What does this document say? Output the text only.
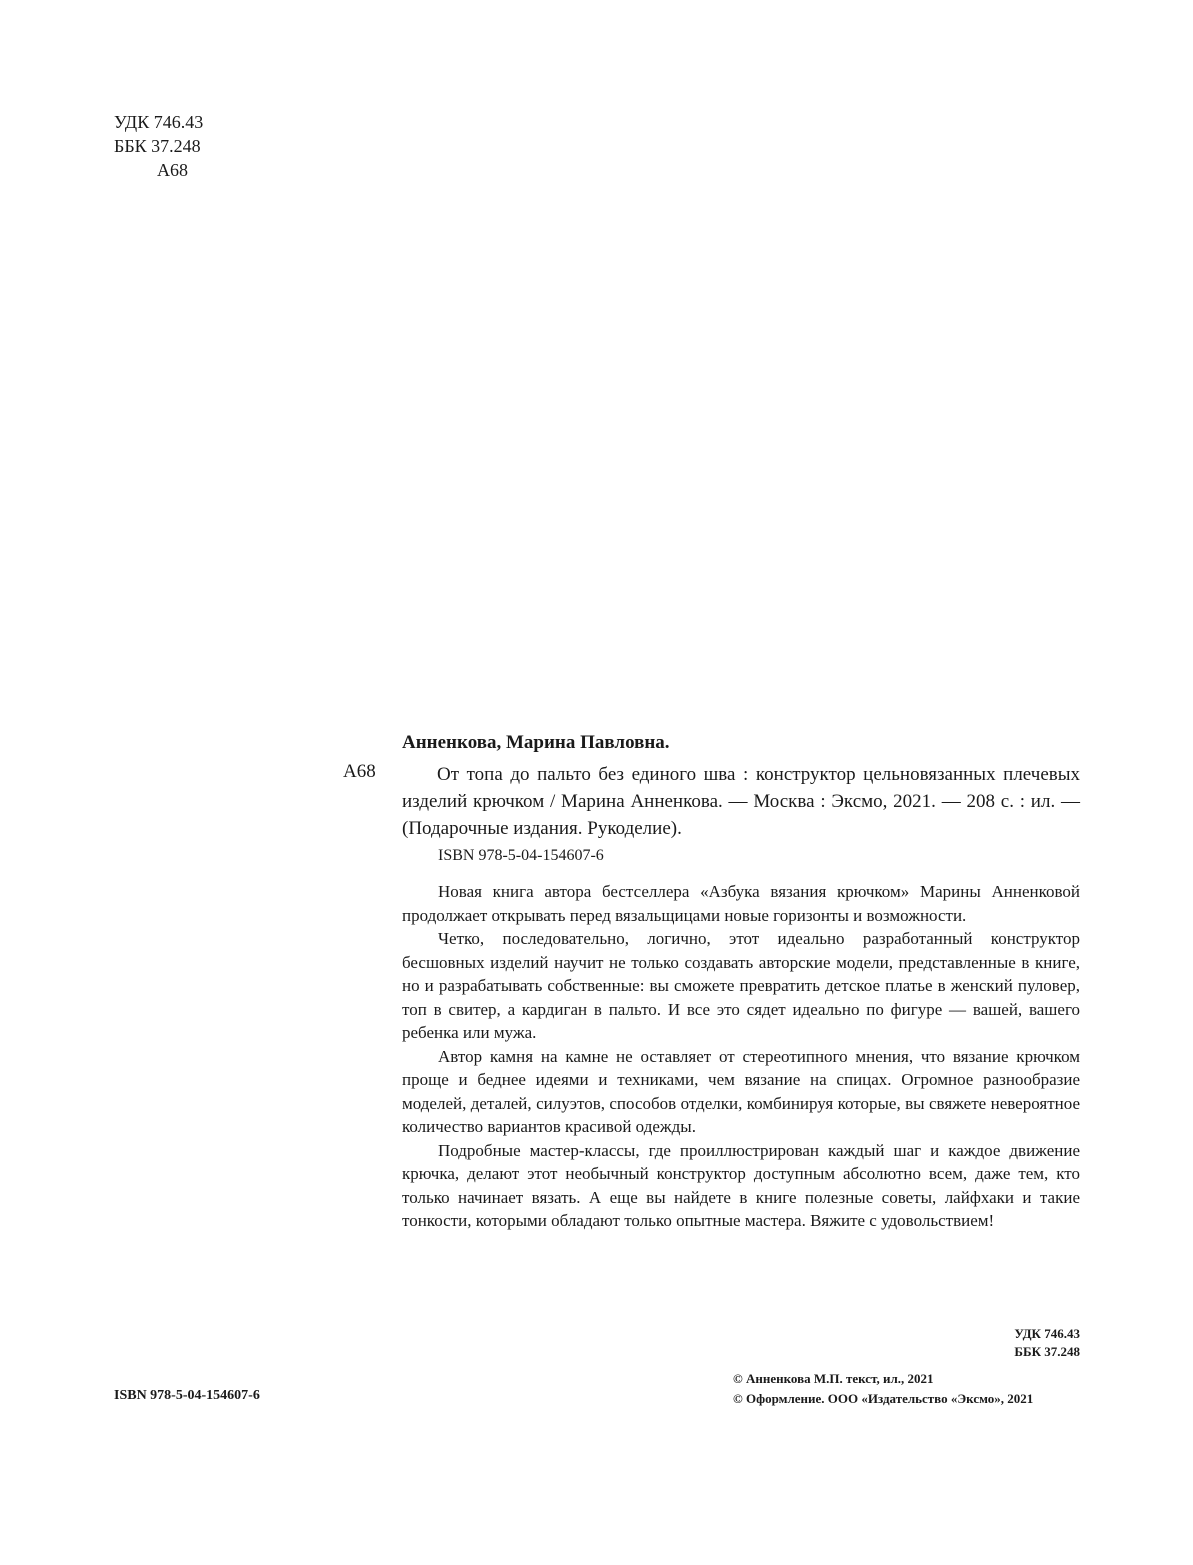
УДК 746.43
ББК 37.248
А68
Анненкова, Марина Павловна.
А68	От топа до пальто без единого шва : конструктор цельновязанных плечевых изделий крючком / Марина Анненкова. — Москва : Эксмо, 2021. — 208 с. : ил. — (Подарочные издания. Рукоделие).
ISBN 978-5-04-154607-6

Новая книга автора бестселлера «Азбука вязания крючком» Марины Анненковой продолжает открывать перед вязальщицами новые горизонты и возможности.

Четко, последовательно, логично, этот идеально разработанный конструктор бесшовных изделий научит не только создавать авторские модели, представленные в книге, но и разрабатывать собственные: вы сможете превратить детское платье в женский пуловер, топ в свитер, а кардиган в пальто. И все это сядет идеально по фигуре — вашей, вашего ребенка или мужа.

Автор камня на камне не оставляет от стереотипного мнения, что вязание крючком проще и беднее идеями и техниками, чем вязание на спицах. Огромное разнообразие моделей, деталей, силуэтов, способов отделки, комбинируя которые, вы свяжете невероятное количество вариантов красивой одежды.

Подробные мастер-классы, где проиллюстрирован каждый шаг и каждое движение крючка, делают этот необычный конструктор доступным абсолютно всем, даже тем, кто только начинает вязать. А еще вы найдете в книге полезные советы, лайфхаки и такие тонкости, которыми обладают только опытные мастера. Вяжите с удовольствием!

УДК 746.43
ББК 37.248
ISBN 978-5-04-154607-6
© Анненкова М.П. текст, ил., 2021
© Оформление. ООО «Издательство «Эксмо», 2021
